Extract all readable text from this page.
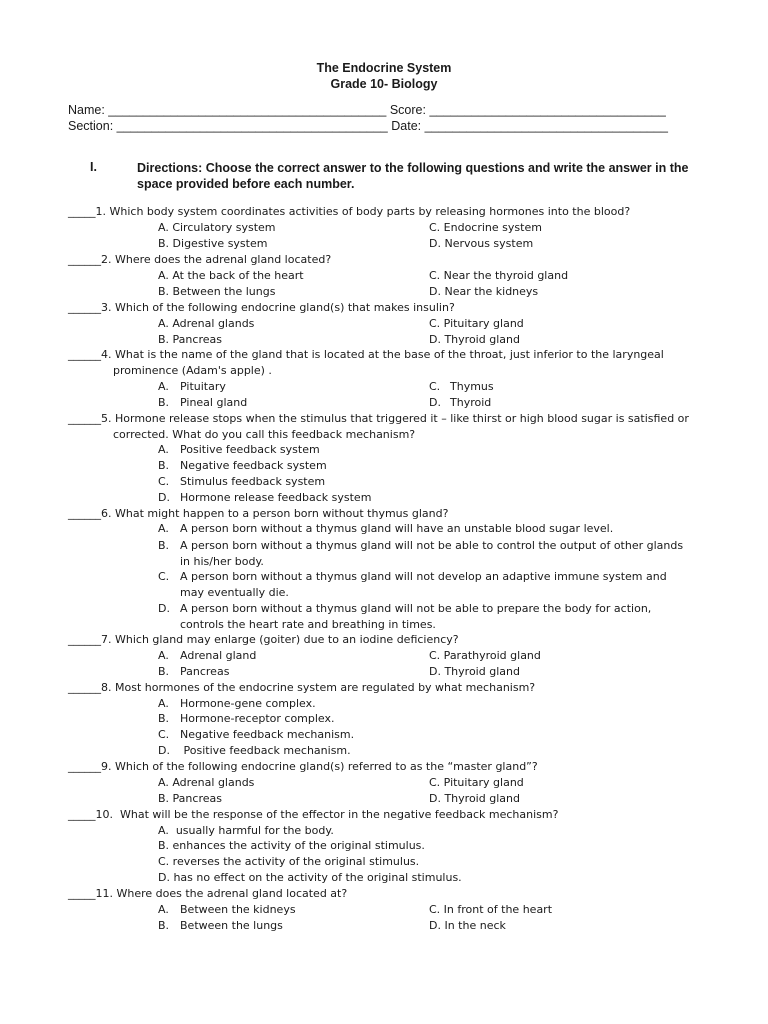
The Endocrine System
Grade 10- Biology
Name: ________________________________________ Score: __________________________________
Section: _______________________________________ Date: ___________________________________
I.	Directions: Choose the correct answer to the following questions and write the answer in the space provided before each number.
_____1. Which body system coordinates activities of body parts by releasing hormones into the blood?
A. Circulatory system
B. Digestive system
C. Endocrine system
D. Nervous system
______2. Where does the adrenal gland located?
A. At the back of the heart
B. Between the lungs
C. Near the thyroid gland
D. Near the kidneys
______3. Which of the following endocrine gland(s) that makes insulin?
A. Adrenal glands
B. Pancreas
C. Pituitary gland
D. Thyroid gland
______4. What is the name of the gland that is located at the base of the throat, just inferior to the laryngeal
prominence (Adam's apple) .
A. Pituitary
B. Pineal gland
C. Thymus
D. Thyroid
______5. Hormone release stops when the stimulus that triggered it – like thirst or high blood sugar is satisfied or
corrected. What do you call this feedback mechanism?
A. Positive feedback system
B. Negative feedback system
C. Stimulus feedback system
D. Hormone release feedback system
______6. What might happen to a person born without thymus gland?
A. A person born without a thymus gland will have an unstable blood sugar level.
B. A person born without a thymus gland will not be able to control the output of other glands in his/her body.
C. A person born without a thymus gland will not develop an adaptive immune system and may eventually die.
D. A person born without a thymus gland will not be able to prepare the body for action, controls the heart rate and breathing in times.
______7. Which gland may enlarge (goiter) due to an iodine deficiency?
A. Adrenal gland
B. Pancreas
C. Parathyroid gland
D. Thyroid gland
______8. Most hormones of the endocrine system are regulated by what mechanism?
A. Hormone-gene complex.
B. Hormone-receptor complex.
C. Negative feedback mechanism.
D. Positive feedback mechanism.
______9. Which of the following endocrine gland(s) referred to as the “master gland”?
A. Adrenal glands
B. Pancreas
C. Pituitary gland
D. Thyroid gland
_____10.  What will be the response of the effector in the negative feedback mechanism?
A.  usually harmful for the body.
B. enhances the activity of the original stimulus.
C. reverses the activity of the original stimulus.
D. has no effect on the activity of the original stimulus.
_____11. Where does the adrenal gland located at?
A. Between the kidneys
B. Between the lungs
C. In front of the heart
D. In the neck
